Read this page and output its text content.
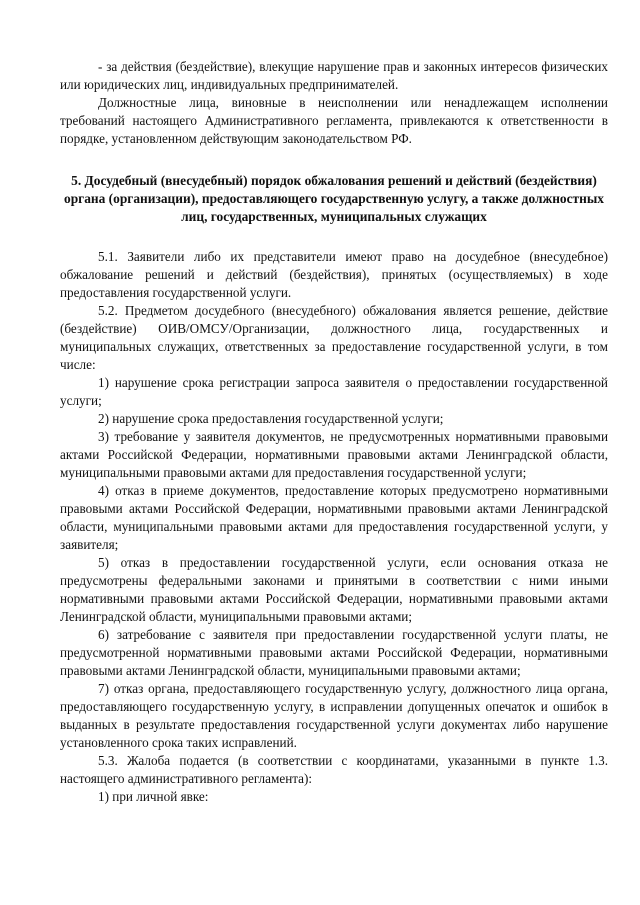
- за действия (бездействие), влекущие нарушение прав и законных интересов физических или юридических лиц, индивидуальных предпринимателей.

Должностные лица, виновные в неисполнении или ненадлежащем исполнении требований настоящего Административного регламента, привлекаются к ответственности в порядке, установленном действующим законодательством РФ.

5. Досудебный (внесудебный) порядок обжалования решений и действий (бездействия) органа (организации), предоставляющего государственную услугу, а также должностных лиц, государственных, муниципальных служащих

5.1. Заявители либо их представители имеют право на досудебное (внесудебное) обжалование решений и действий (бездействия), принятых (осуществляемых) в ходе предоставления государственной услуги.

5.2. Предметом досудебного (внесудебного) обжалования является решение, действие (бездействие) ОИВ/ОМСУ/Организации, должностного лица, государственных и муниципальных служащих, ответственных за предоставление государственной услуги, в том числе:

1) нарушение срока регистрации запроса заявителя о предоставлении государственной услуги;

2) нарушение срока предоставления государственной услуги;

3) требование у заявителя документов, не предусмотренных нормативными правовыми актами Российской Федерации, нормативными правовыми актами Ленинградской области, муниципальными правовыми актами для предоставления государственной услуги;

4) отказ в приеме документов, предоставление которых предусмотрено нормативными правовыми актами Российской Федерации, нормативными правовыми актами Ленинградской области, муниципальными правовыми актами для предоставления государственной услуги, у заявителя;

5) отказ в предоставлении государственной услуги, если основания отказа не предусмотрены федеральными законами и принятыми в соответствии с ними иными нормативными правовыми актами Российской Федерации, нормативными правовыми актами Ленинградской области, муниципальными правовыми актами;

6) затребование с заявителя при предоставлении государственной услуги платы, не предусмотренной нормативными правовыми актами Российской Федерации, нормативными правовыми актами Ленинградской области, муниципальными правовыми актами;

7) отказ органа, предоставляющего государственную услугу, должностного лица органа, предоставляющего государственную услугу, в исправлении допущенных опечаток и ошибок в выданных в результате предоставления государственной услуги документах либо нарушение установленного срока таких исправлений.

5.3. Жалоба подается (в соответствии с координатами, указанными в пункте 1.3. настоящего административного регламента):

1) при личной явке:
